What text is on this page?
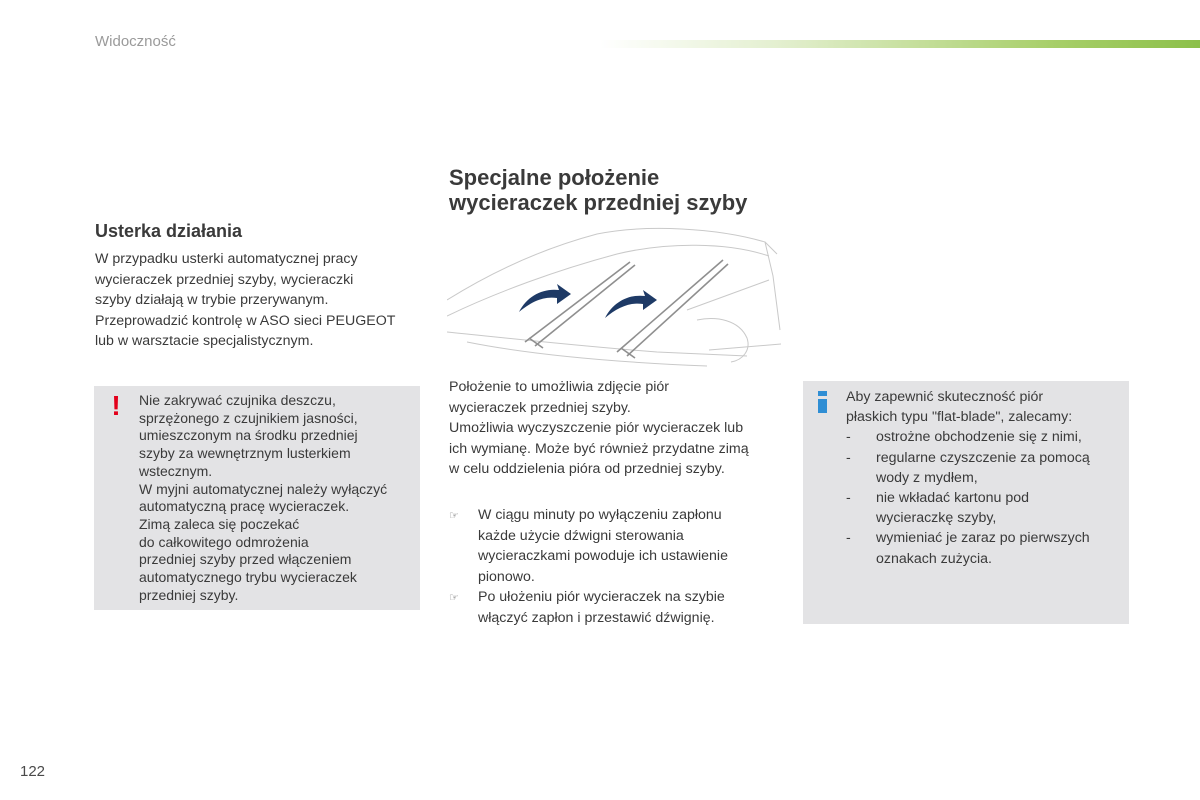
Widoczność
Usterka działania
W przypadku usterki automatycznej pracy
wycieraczek przedniej szyby, wycieraczki
szyby działają w trybie przerywanym.
Przeprowadzić kontrolę w ASO sieci PEUGEOT
lub w warsztacie specjalistycznym.
! Nie zakrywać czujnika deszczu,
sprzężonego z czujnikiem jasności,
umieszczonym na środku przedniej
szyby za wewnętrznym lusterkiem
wstecznym.
W myjni automatycznej należy wyłączyć
automatyczną pracę wycieraczek.
Zimą zaleca się poczekać
do całkowitego odmrożenia
przedniej szyby przed włączeniem
automatycznego trybu wycieraczek
przedniej szyby.
Specjalne położenie
wycieraczek przedniej szyby
Położenie to umożliwia zdjęcie piór
wycieraczek przedniej szyby.
Umożliwia wyczyszczenie piór wycieraczek lub
ich wymianę. Może być również przydatne zimą
w celu oddzielenia pióra od przedniej szyby.
☞ W ciągu minuty po wyłączeniu zapłonu
każde użycie dźwigni sterowania
wycieraczkami powoduje ich ustawienie
pionowo.
☞ Po ułożeniu piór wycieraczek na szybie
włączyć zapłon i przestawić dźwignię.
Aby zapewnić skuteczność piór
płaskich typu "flat-blade", zalecamy:
- ostrożne obchodzenie się z nimi,
- regularne czyszczenie za pomocą
wody z mydłem,
- nie wkładać kartonu pod
wycieraczkę szyby,
- wymieniać je zaraz po pierwszych
oznakach zużycia.
122
